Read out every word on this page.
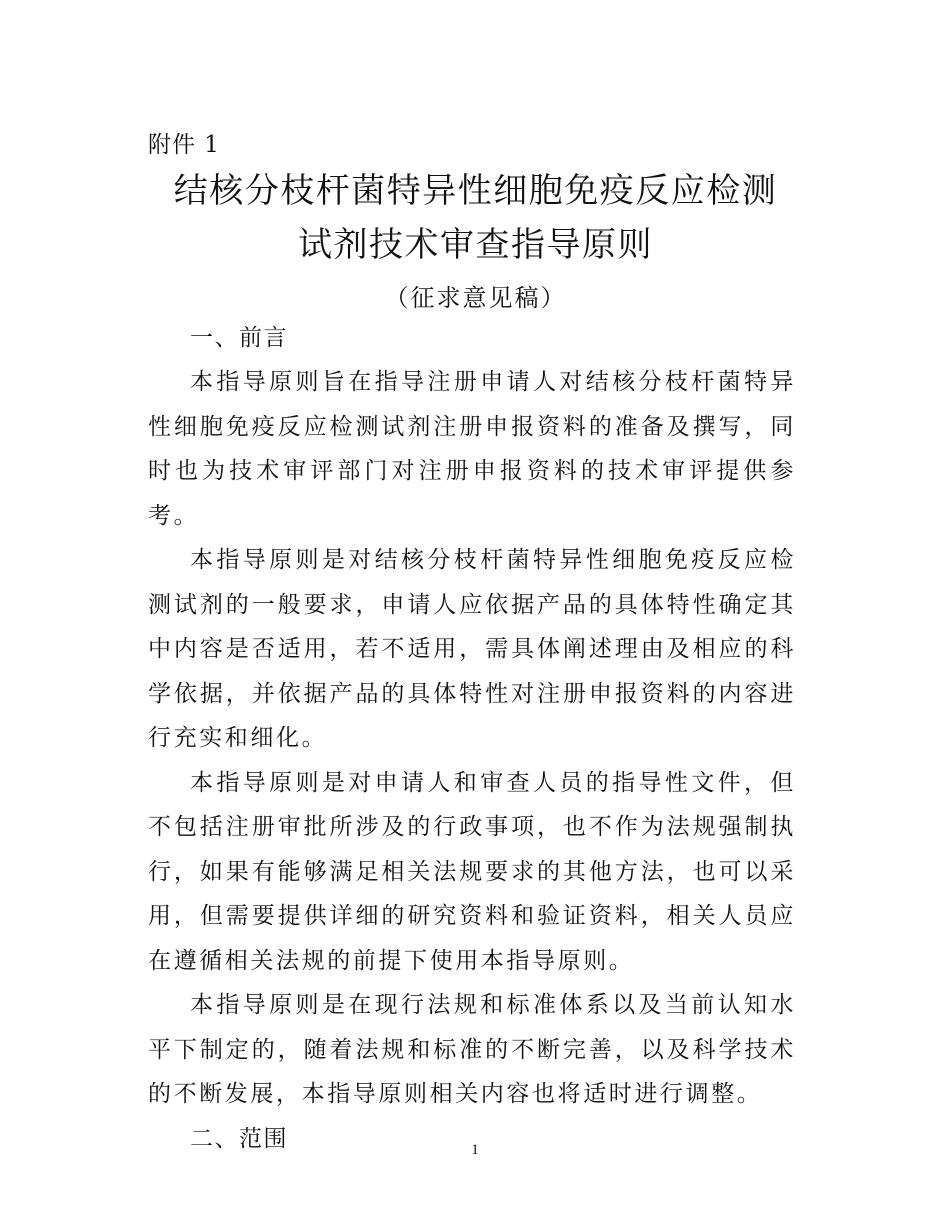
附件 1

结核分枝杆菌特异性细胞免疫反应检测
试剂技术审查指导原则
（征求意见稿）

一、前言

本指导原则旨在指导注册申请人对结核分枝杆菌特异性细胞免疫反应检测试剂注册申报资料的准备及撰写，同时也为技术审评部门对注册申报资料的技术审评提供参考。

本指导原则是对结核分枝杆菌特异性细胞免疫反应检测试剂的一般要求，申请人应依据产品的具体特性确定其中内容是否适用，若不适用，需具体阐述理由及相应的科学依据，并依据产品的具体特性对注册申报资料的内容进行充实和细化。

本指导原则是对申请人和审查人员的指导性文件，但不包括注册审批所涉及的行政事项，也不作为法规强制执行，如果有能够满足相关法规要求的其他方法，也可以采用，但需要提供详细的研究资料和验证资料，相关人员应在遵循相关法规的前提下使用本指导原则。

本指导原则是在现行法规和标准体系以及当前认知水平下制定的，随着法规和标准的不断完善，以及科学技术的不断发展，本指导原则相关内容也将适时进行调整。

二、范围	1
